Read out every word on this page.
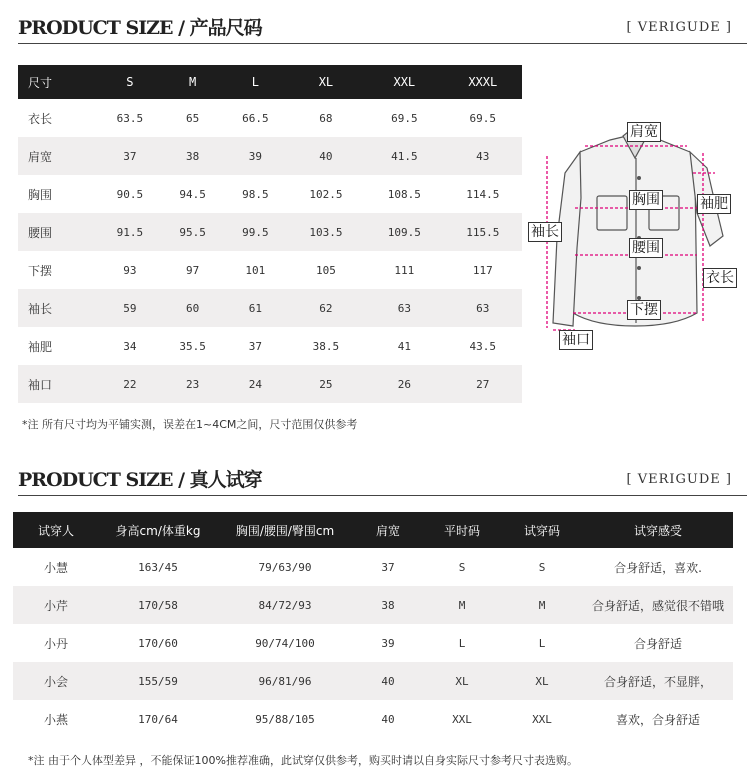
PRODUCT SIZE / 产品尺码	[ VERIGUDE ]
尺寸	S	M	L	XL	XXL	XXXL
衣长	63.5	65	66.5	68	69.5	69.5
肩宽	37	38	39	40	41.5	43
胸围	90.5	94.5	98.5	102.5	108.5	114.5
腰围	91.5	95.5	99.5	103.5	109.5	115.5
下摆	93	97	101	105	111	117
袖长	59	60	61	62	63	63
袖肥	34	35.5	37	38.5	41	43.5
袖口	22	23	24	25	26	27
*注 所有尺寸均为平铺实测，误差在1~4CM之间，尺寸范围仅供参考
肩宽
胸围	袖肥
袖长
腰围
衣长
下摆
袖口
PRODUCT SIZE / 真人试穿	[ VERIGUDE ]
试穿人	身高cm/体重kg	胸围/腰围/臀围cm	肩宽	平时码	试穿码	试穿感受
小慧	163/45	79/63/90	37	S	S	合身舒适，喜欢.
小芹	170/58	84/72/93	38	M	M	合身舒适，感觉很不错哦
小丹	170/60	90/74/100	39	L	L	合身舒适
小会	155/59	96/81/96	40	XL	XL	合身舒适，不显胖，
小燕	170/64	95/88/105	40	XXL	XXL	喜欢，合身舒适
*注 由于个人体型差异 ，不能保证100%推荐准确，此试穿仅供参考，购买时请以自身实际尺寸参考尺寸表选购。
